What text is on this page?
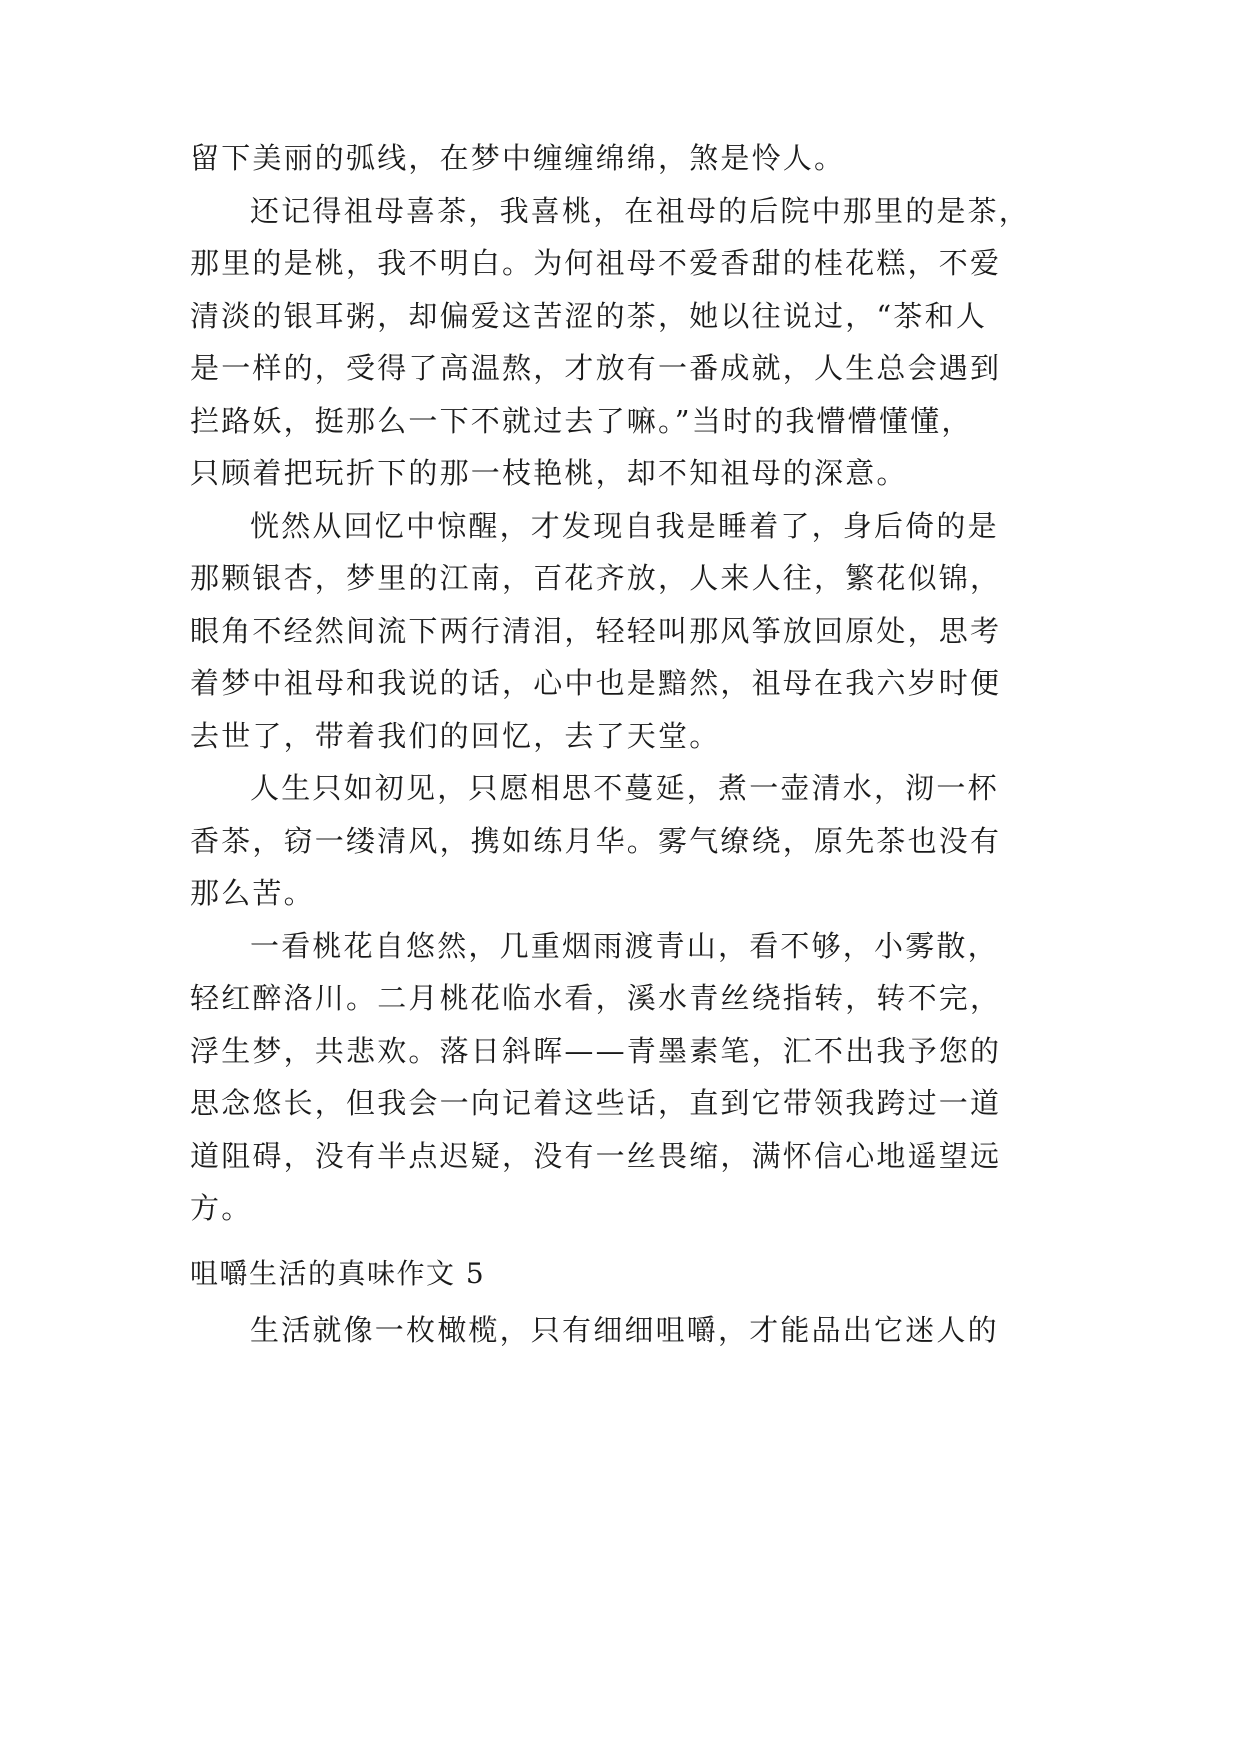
留下美丽的弧线，在梦中缠缠绵绵，煞是怜人。
还记得祖母喜茶，我喜桃，在祖母的后院中那里的是茶，
那里的是桃，我不明白。为何祖母不爱香甜的桂花糕，不爱
清淡的银耳粥，却偏爱这苦涩的茶，她以往说过，“茶和人
是一样的，受得了高温熬，才放有一番成就，人生总会遇到
拦路妖，挺那么一下不就过去了嘛。”当时的我懵懵懂懂，
只顾着把玩折下的那一枝艳桃，却不知祖母的深意。
恍然从回忆中惊醒，才发现自我是睡着了，身后倚的是
那颗银杏，梦里的江南，百花齐放，人来人往，繁花似锦，
眼角不经然间流下两行清泪，轻轻叫那风筝放回原处，思考
着梦中祖母和我说的话，心中也是黯然，祖母在我六岁时便
去世了，带着我们的回忆，去了天堂。
人生只如初见，只愿相思不蔓延，煮一壶清水，沏一杯
香茶，窃一缕清风，携如练月华。雾气缭绕，原先茶也没有
那么苦。
一看桃花自悠然，几重烟雨渡青山，看不够，小雾散，
轻红醉洛川。二月桃花临水看，溪水青丝绕指转，转不完，
浮生梦，共悲欢。落日斜晖——青墨素笔，汇不出我予您的
思念悠长，但我会一向记着这些话，直到它带领我跨过一道
道阻碍，没有半点迟疑，没有一丝畏缩，满怀信心地遥望远
方。
咀嚼生活的真味作文 5
生活就像一枚橄榄，只有细细咀嚼，才能品出它迷人的
